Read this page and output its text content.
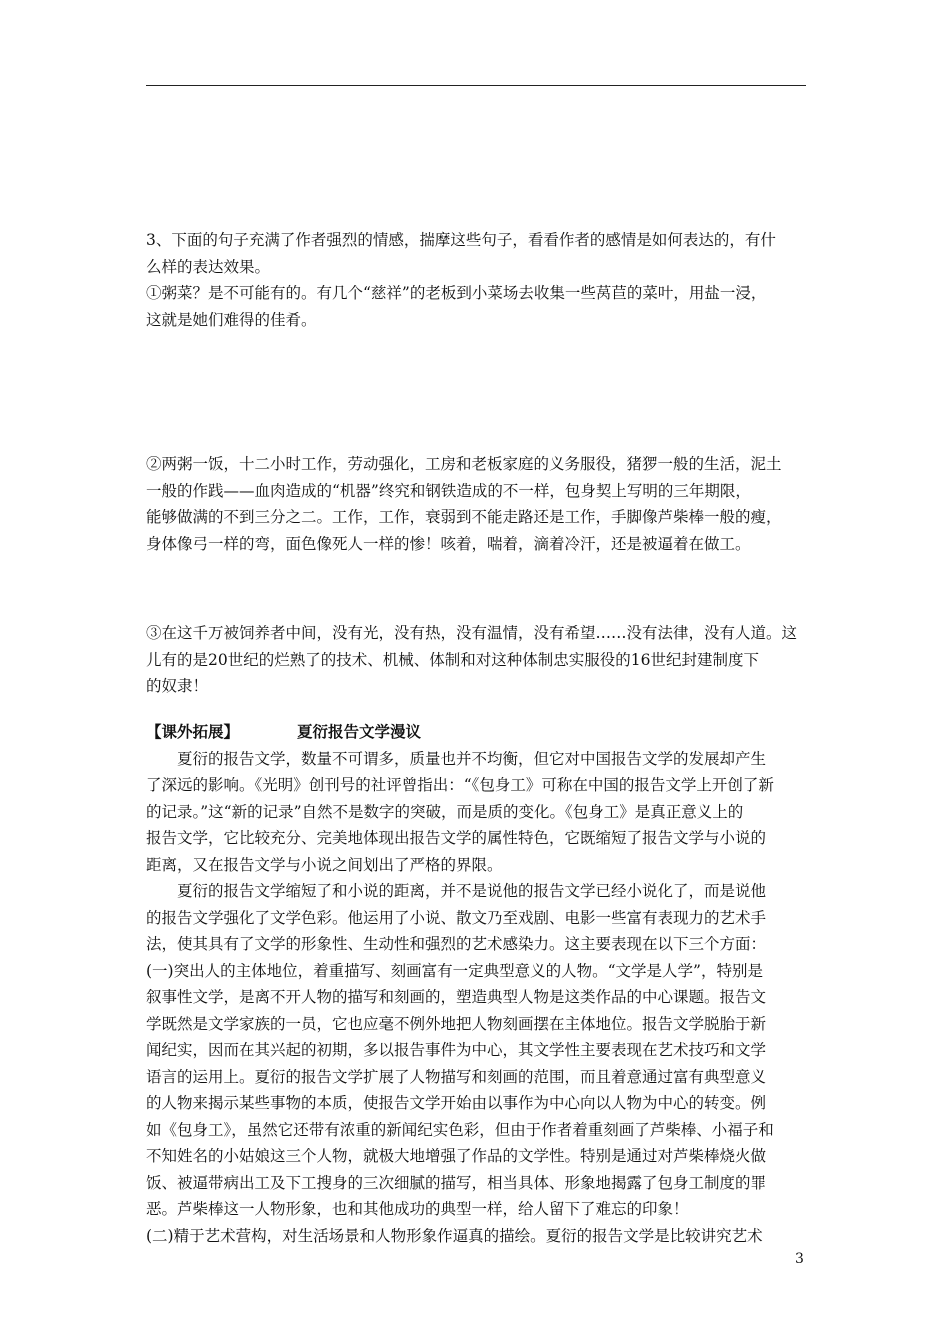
3、下面的句子充满了作者强烈的情感，揣摩这些句子，看看作者的感情是如何表达的，有什
么样的表达效果。
①粥菜？是不可能有的。有几个“慈祥”的老板到小菜场去收集一些莴苣的菜叶，用盐一浸，
这就是她们难得的佳肴。
②两粥一饭，十二小时工作，劳动强化，工房和老板家庭的义务服役，猪猡一般的生活，泥土
一般的作践——血肉造成的“机器”终究和钢铁造成的不一样，包身契上写明的三年期限，
能够做满的不到三分之二。工作，工作，衰弱到不能走路还是工作，手脚像芦柴棒一般的瘦，
身体像弓一样的弯，面色像死人一样的惨！咳着，喘着，滴着冷汗，还是被逼着在做工。
③在这千万被饲养者中间，没有光，没有热，没有温情，没有希望……没有法律，没有人道。这
儿有的是20世纪的烂熟了的技术、机械、体制和对这种体制忠实服役的16世纪封建制度下
的奴隶！
【课外拓展】	夏衍报告文学漫议
夏衍的报告文学，数量不可谓多，质量也并不均衡，但它对中国报告文学的发展却产生
了深远的影响。《光明》创刊号的社评曾指出：“《包身工》可称在中国的报告文学上开创了新
的记录。”这“新的记录”自然不是数字的突破，而是质的变化。《包身工》是真正意义上的
报告文学，它比较充分、完美地体现出报告文学的属性特色，它既缩短了报告文学与小说的
距离，又在报告文学与小说之间划出了严格的界限。
夏衍的报告文学缩短了和小说的距离，并不是说他的报告文学已经小说化了，而是说他
的报告文学强化了文学色彩。他运用了小说、散文乃至戏剧、电影一些富有表现力的艺术手
法，使其具有了文学的形象性、生动性和强烈的艺术感染力。这主要表现在以下三个方面：
(一)突出人的主体地位，着重描写、刻画富有一定典型意义的人物。“文学是人学”，特别是
叙事性文学，是离不开人物的描写和刻画的，塑造典型人物是这类作品的中心课题。报告文
学既然是文学家族的一员，它也应毫不例外地把人物刻画摆在主体地位。报告文学脱胎于新
闻纪实，因而在其兴起的初期，多以报告事件为中心，其文学性主要表现在艺术技巧和文学
语言的运用上。夏衍的报告文学扩展了人物描写和刻画的范围，而且着意通过富有典型意义
的人物来揭示某些事物的本质，使报告文学开始由以事作为中心向以人物为中心的转变。例
如《包身工》，虽然它还带有浓重的新闻纪实色彩，但由于作者着重刻画了芦柴棒、小福子和
不知姓名的小姑娘这三个人物，就极大地增强了作品的文学性。特别是通过对芦柴棒烧火做
饭、被逼带病出工及下工搜身的三次细腻的描写，相当具体、形象地揭露了包身工制度的罪
恶。芦柴棒这一人物形象，也和其他成功的典型一样，给人留下了难忘的印象！
(二)精于艺术营构，对生活场景和人物形象作逼真的描绘。夏衍的报告文学是比较讲究艺术
3
